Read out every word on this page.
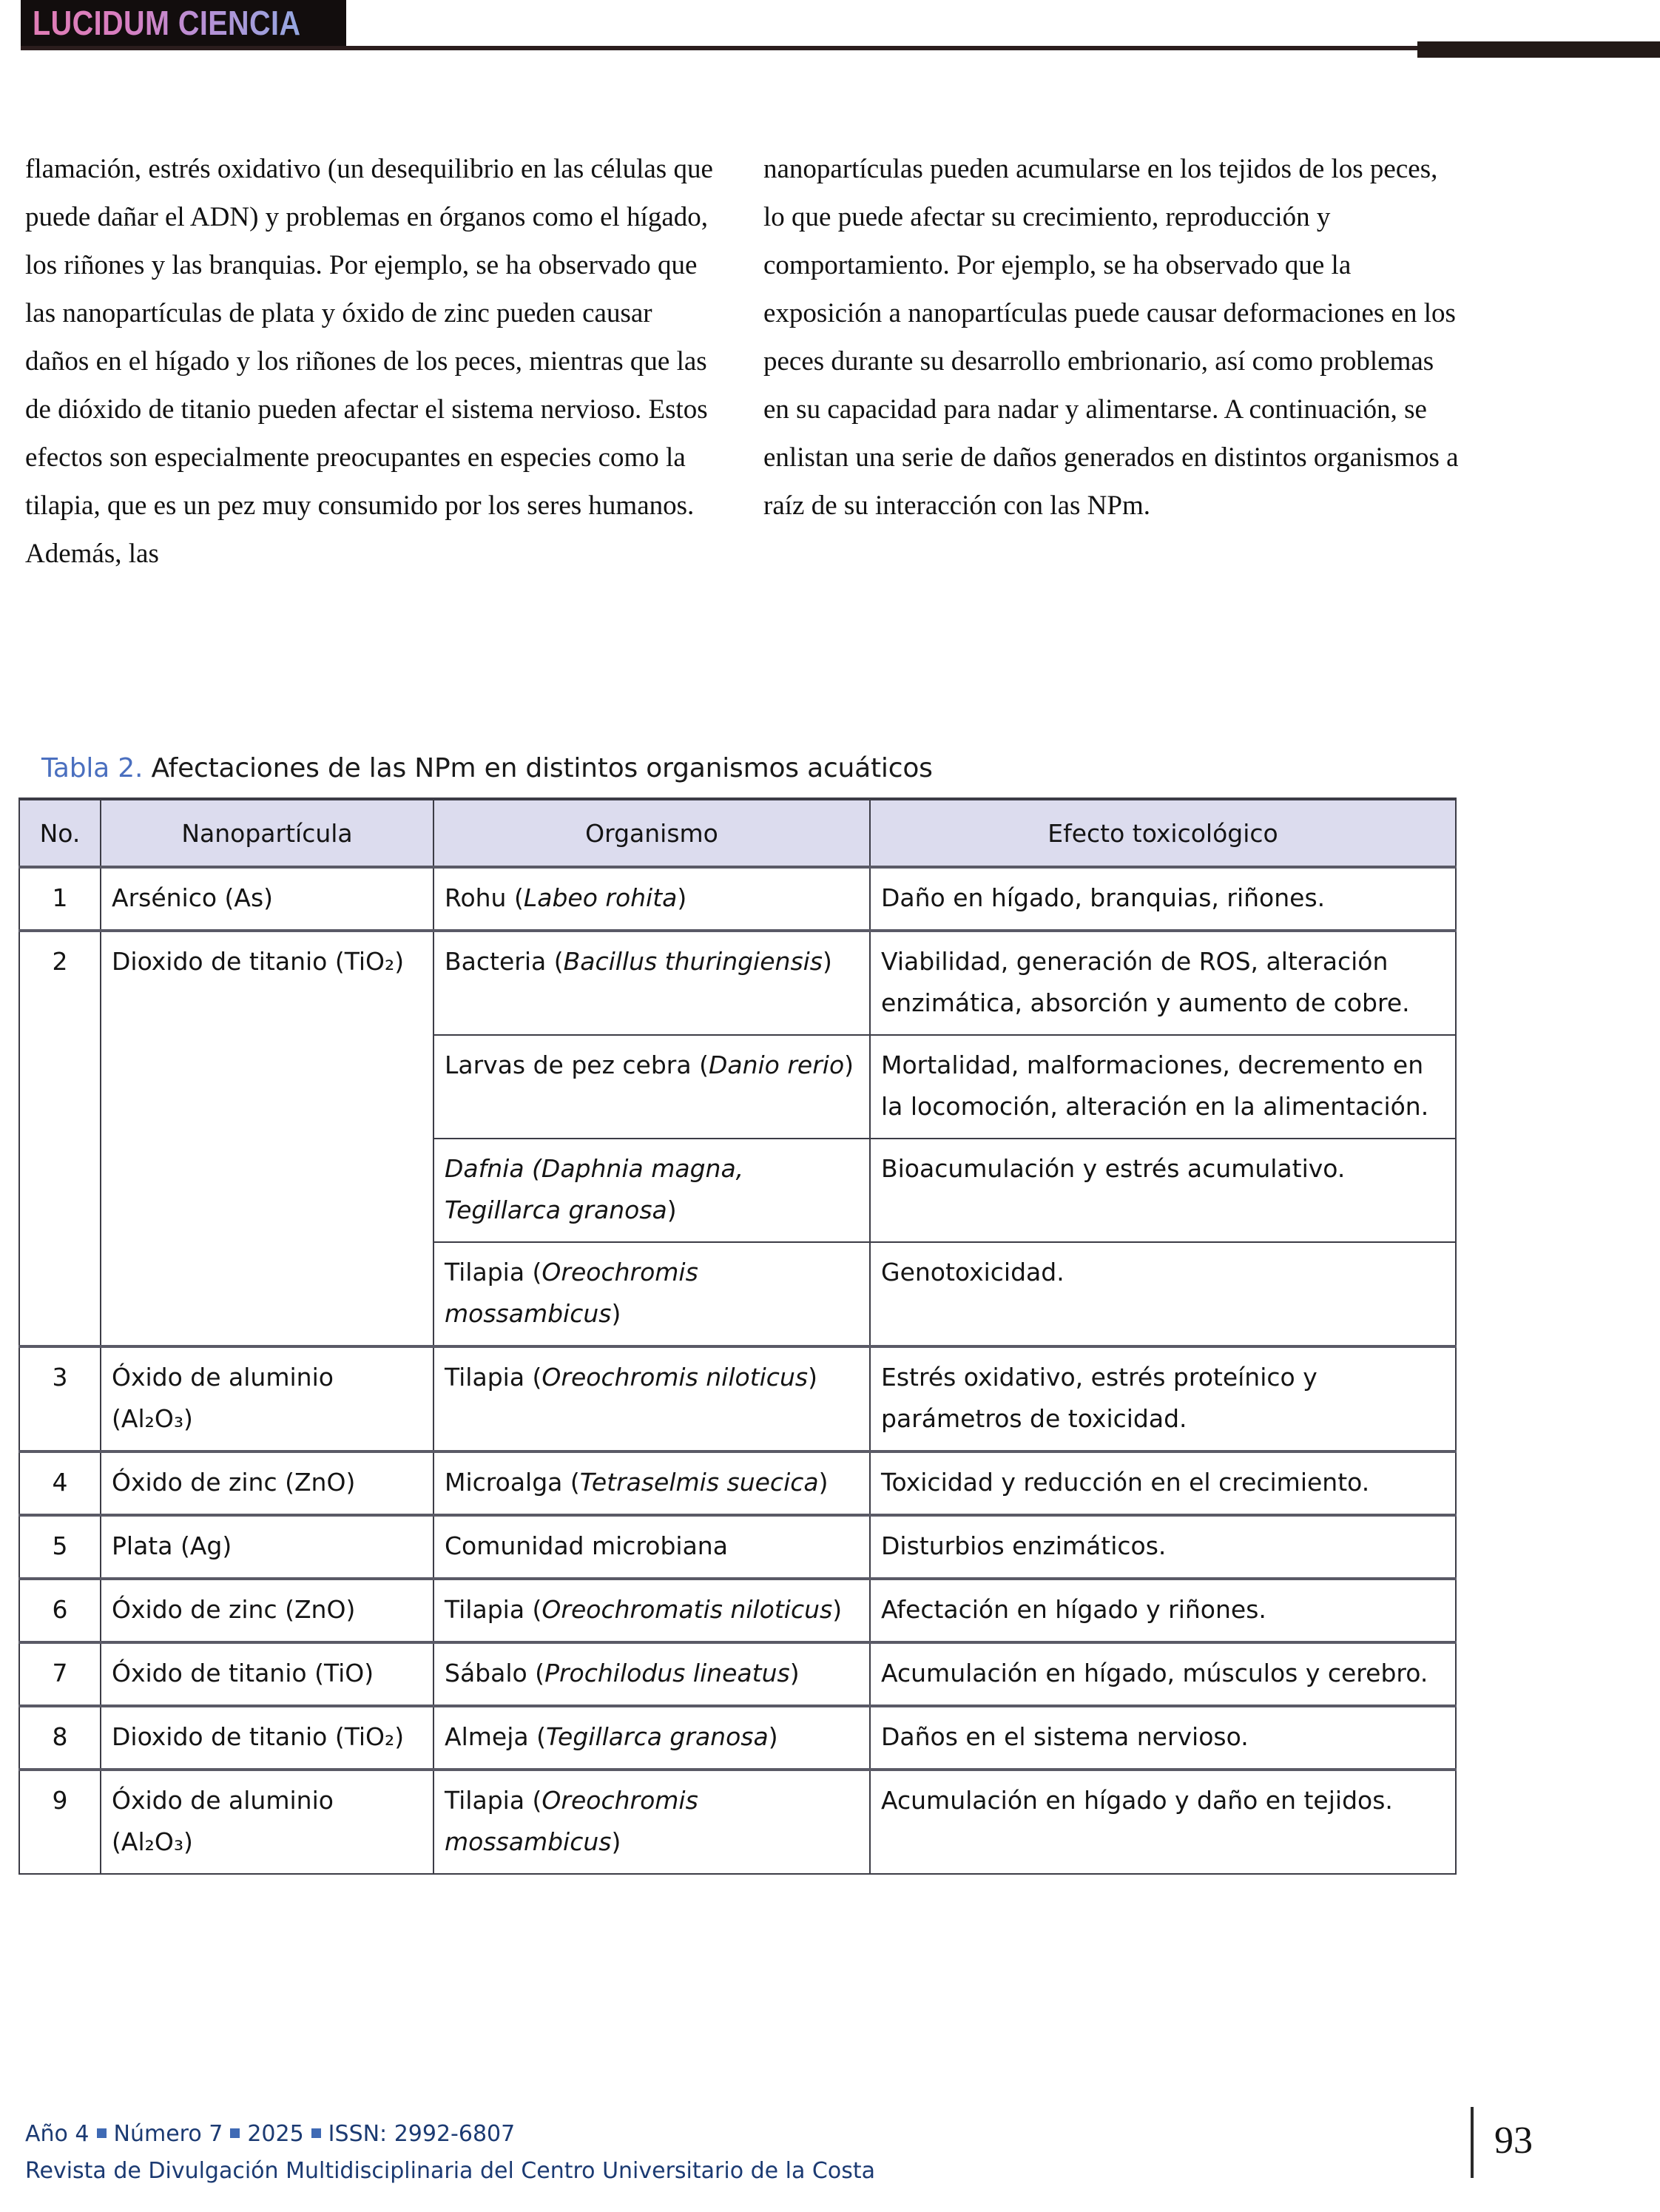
LUCIDUM CIENCIA

flamación, estrés oxidativo (un desequilibrio en las células que puede dañar el ADN) y problemas en órganos como el hígado, los riñones y las branquias. Por ejemplo, se ha observado que las nanopartículas de plata y óxido de zinc pueden causar daños en el hígado y los riñones de los peces, mientras que las de dióxido de titanio pueden afectar el sistema nervioso. Estos efectos son especialmente preocupantes en especies como la tilapia, que es un pez muy consumido por los seres humanos. Además, las

nanopartículas pueden acumularse en los tejidos de los peces, lo que puede afectar su crecimiento, reproducción y comportamiento. Por ejemplo, se ha observado que la exposición a nanopartículas puede causar deformaciones en los peces durante su desarrollo embrionario, así como problemas en su capacidad para nadar y alimentarse. A continuación, se enlistan una serie de daños generados en distintos organismos a raíz de su interacción con las NPm.

Tabla 2. Afectaciones de las NPm en distintos organismos acuáticos
No.	Nanopartícula	Organismo	Efecto toxicológico
1	Arsénico (As)	Rohu (Labeo rohita)	Daño en hígado, branquias, riñones.
2	Dioxido de titanio (TiO₂)	Bacteria (Bacillus thuringiensis)	Viabilidad, generación de ROS, alteración enzimática, absorción y aumento de cobre.
		Larvas de pez cebra (Danio rerio)	Mortalidad, malformaciones, decremento en la locomoción, alteración en la alimentación.
		Dafnia (Daphnia magna, Tegillarca granosa)	Bioacumulación y estrés acumulativo.
		Tilapia (Oreochromis mossambicus)	Genotoxicidad.
3	Óxido de aluminio (Al₂O₃)	Tilapia (Oreochromis niloticus)	Estrés oxidativo, estrés proteínico y parámetros de toxicidad.
4	Óxido de zinc (ZnO)	Microalga (Tetraselmis suecica)	Toxicidad y reducción en el crecimiento.
5	Plata (Ag)	Comunidad microbiana	Disturbios enzimáticos.
6	Óxido de zinc (ZnO)	Tilapia (Oreochromatis niloticus)	Afectación en hígado y riñones.
7	Óxido de titanio (TiO)	Sábalo (Prochilodus lineatus)	Acumulación en hígado, músculos y cerebro.
8	Dioxido de titanio (TiO₂)	Almeja (Tegillarca granosa)	Daños en el sistema nervioso.
9	Óxido de aluminio (Al₂O₃)	Tilapia (Oreochromis mossambicus)	Acumulación en hígado y daño en tejidos.
Año 4 Número 7 2025 ISSN: 2992-6807
Revista de Divulgación Multidisciplinaria del Centro Universitario de la Costa
93
